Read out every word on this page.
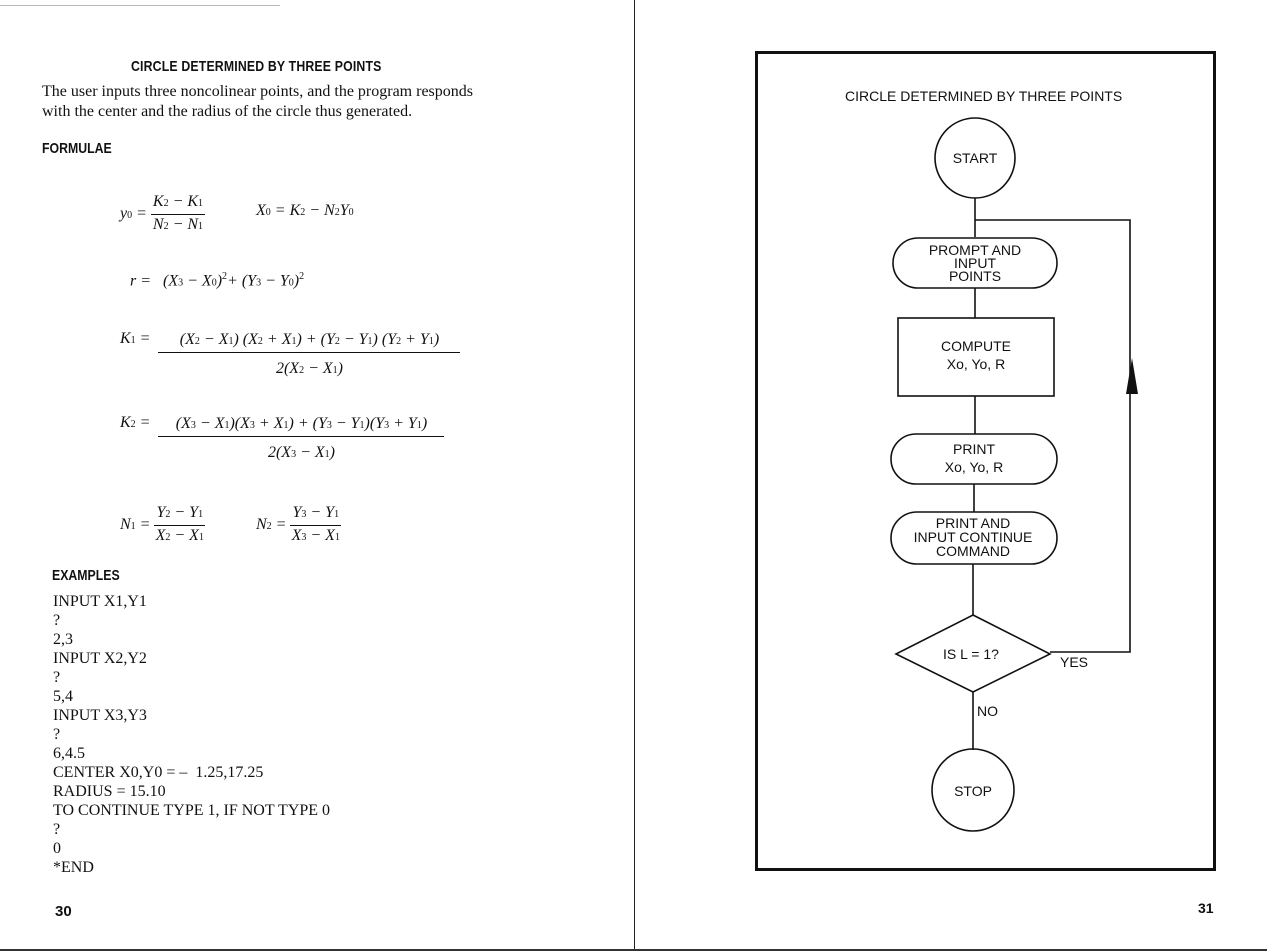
CIRCLE DETERMINED BY THREE POINTS
The user inputs three noncolinear points, and the program responds with the center and the radius of the circle thus generated.
FORMULAE
$y0 = \frac{K2 - K1}{N2 - N1}$	X0 = K2 − N2Y0
$r = (X3 - X0)^2+ (Y3 - Y0)^2$
$K1 = \frac{(X2 - X1) (X2 + X1) + (Y2 - Y1) (Y2 + Y1)}{2(X2 - X1)}$
$K2 = \frac{(X3 - X1)(X3 + X1) + (Y3 - Y1)(Y3 + Y1)}{2(X3 - X1)}$
$N1 = \frac{Y2 - Y1}{X2 - X1}$	$N2 = \frac{Y3 - Y1}{X3 - X1}$
EXAMPLES
INPUT X1,Y1
?
2,3
INPUT X2,Y2
?
5,4
INPUT X3,Y3
?
6,4.5
CENTER X0,Y0 = –  1.25,17.25
RADIUS = 15.10
TO CONTINUE TYPE 1, IF NOT TYPE 0
?
0
*END
30	31
CIRCLE DETERMINED BY THREE POINTS
START
PROMPT AND
INPUT
POINTS
COMPUTE
Xo, Yo, R
PRINT
Xo, Yo, R
PRINT AND
INPUT CONTINUE
COMMAND
IS L = 1?	YES
NO
STOP
